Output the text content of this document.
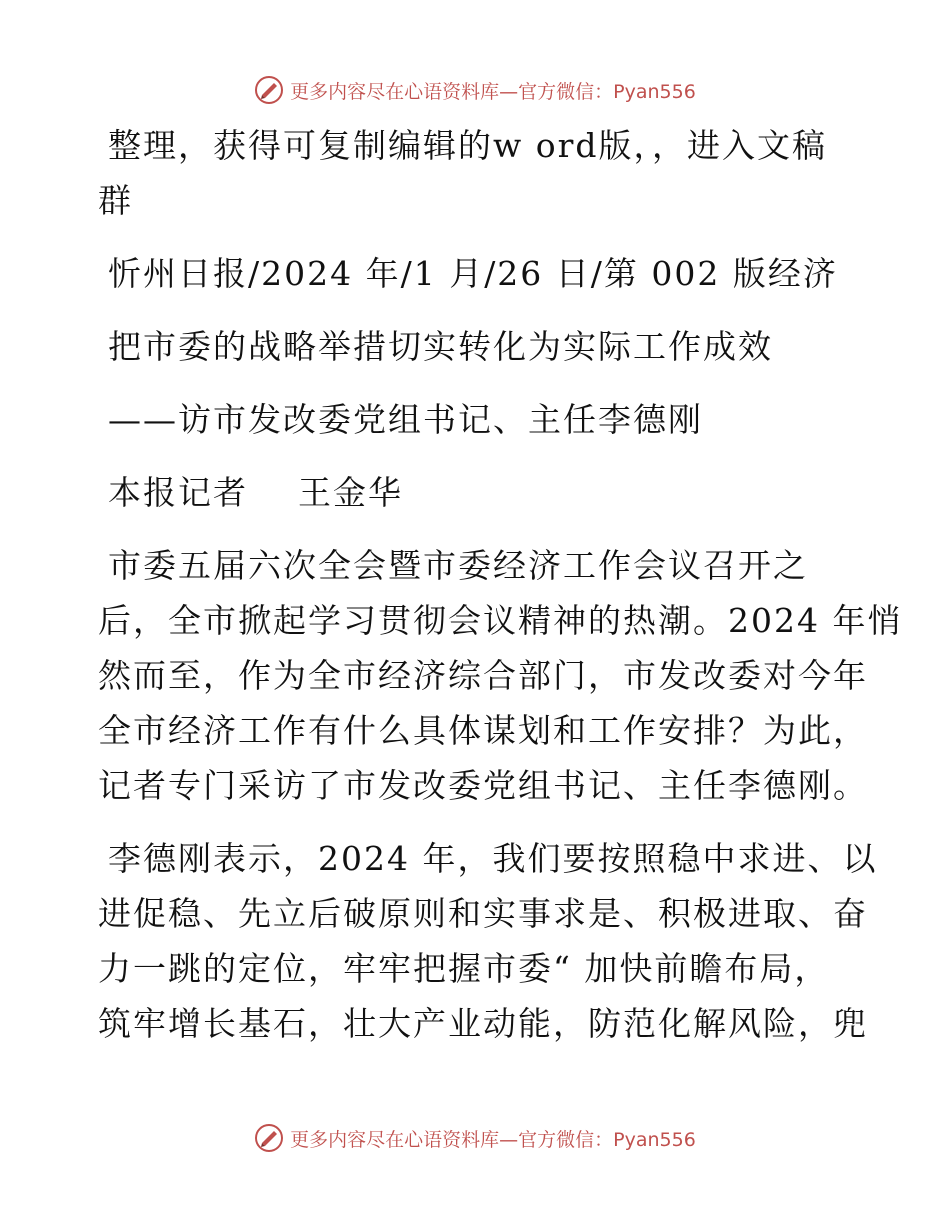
更多内容尽在心语资料库—官方微信：Pyan556

整理，获得可复制编辑的w ord版，，进入文稿

群

忻州日报/2024 年/1 月/26 日/第 002 版经济

把市委的战略举措切实转化为实际工作成效

——访市发改委党组书记、主任李德刚

本报记者    王金华

市委五届六次全会暨市委经济工作会议召开之

后，全市掀起学习贯彻会议精神的热潮。2024 年悄

然而至，作为全市经济综合部门，市发改委对今年

全市经济工作有什么具体谋划和工作安排？为此，

记者专门采访了市发改委党组书记、主任李德刚。

李德刚表示，2024 年，我们要按照稳中求进、以

进促稳、先立后破原则和实事求是、积极进取、奋

力一跳的定位，牢牢把握市委“ 加快前瞻布局，

筑牢增长基石，壮大产业动能，防范化解风险，兜

更多内容尽在心语资料库—官方微信：Pyan556
